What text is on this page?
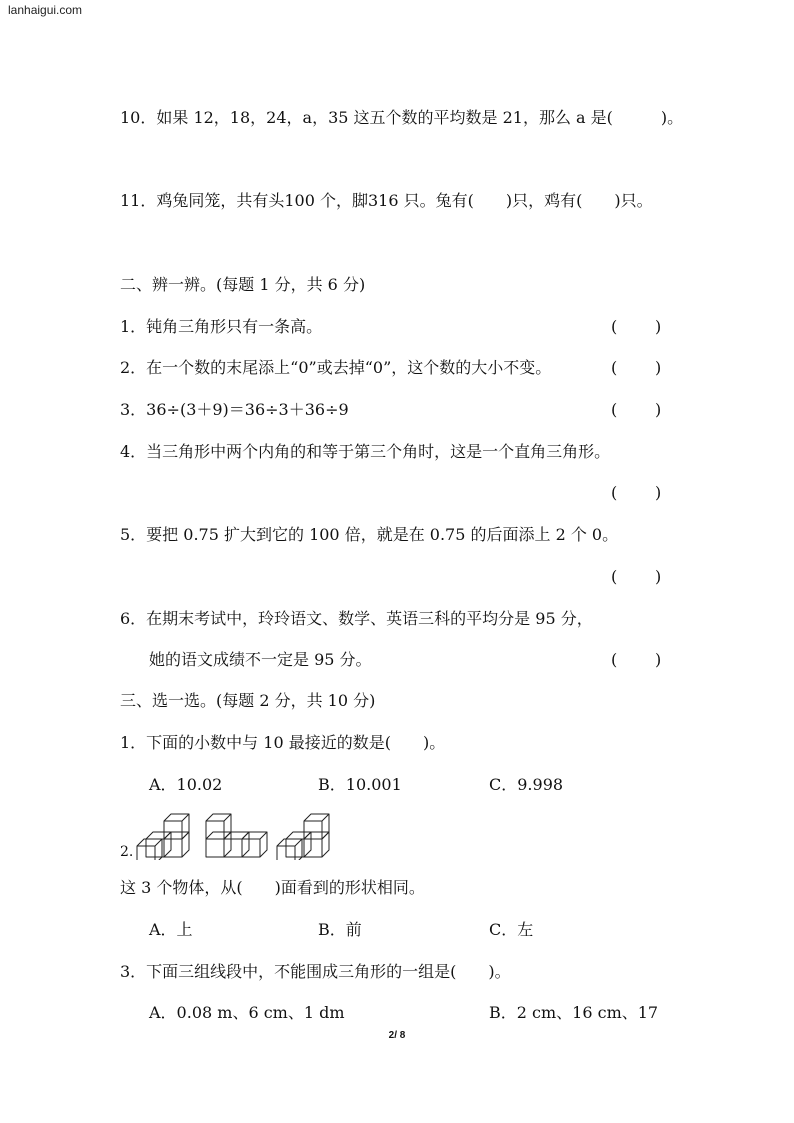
lanhaigui.com
10．如果 12，18，24，a，35 这五个数的平均数是 21，那么 a 是(　　　)。
11．鸡兔同笼，共有头100 个，脚316 只。兔有(　　)只，鸡有(　　)只。
二、辨一辨。(每题 1 分，共 6 分)
1．钝角三角形只有一条高。	( )
2．在一个数的末尾添上“0”或去掉“0”，这个数的大小不变。	( )
3．36÷(3＋9)＝36÷3＋36÷9	( )
4．当三角形中两个内角的和等于第三个角时，这是一个直角三角形。
( )
5．要把 0.75 扩大到它的 100 倍，就是在 0.75 的后面添上 2 个 0。
( )
6．在期末考试中，玲玲语文、数学、英语三科的平均分是 95 分，
她的语文成绩不一定是 95 分。	( )
三、选一选。(每题 2 分，共 10 分)
1．下面的小数中与 10 最接近的数是(　　)。
A．10.02	B．10.001	C．9.998
2.
这 3 个物体，从(　　)面看到的形状相同。
A．上	B．前	C．左
3．下面三组线段中，不能围成三角形的一组是(　　)。
A．0.08 m、6 cm、1 dm	B．2 cm、16 cm、17
2/ 8
